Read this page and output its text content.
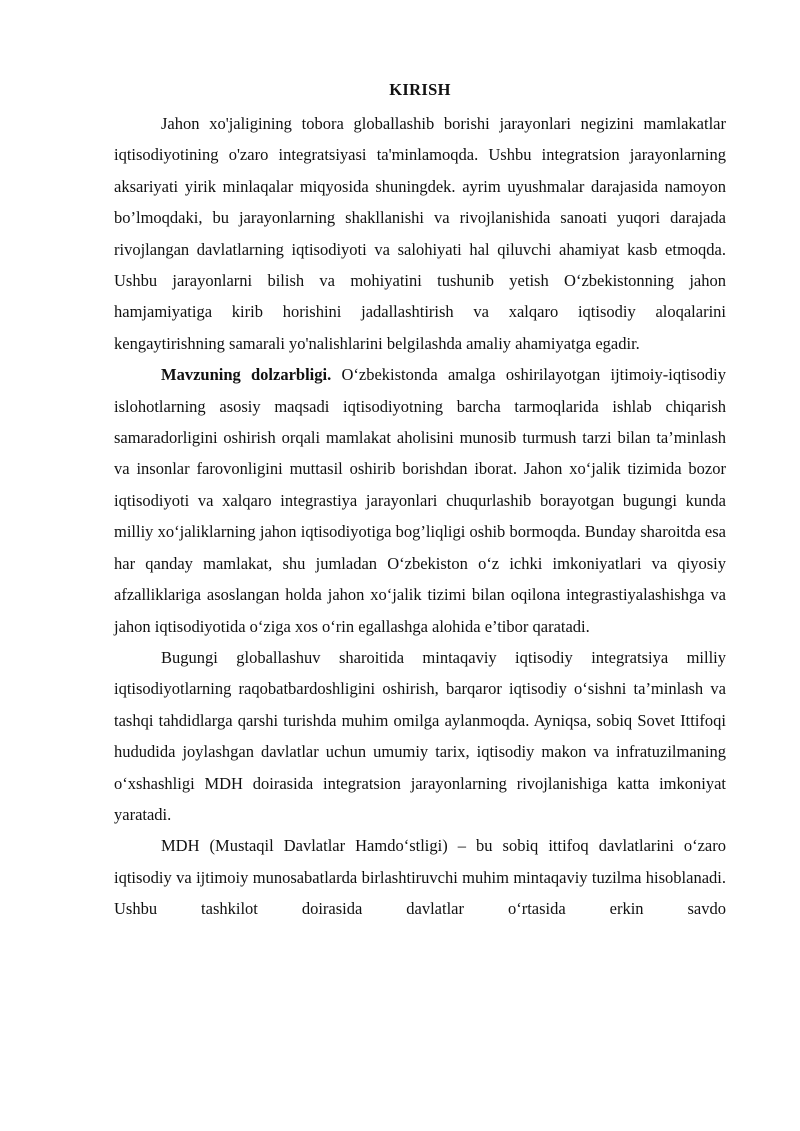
KIRISH

Jahon xo'jaligining tobora globallashib borishi jarayonlari negizini mamlakatlar iqtisodiyotining o'zaro integratsiyasi ta'minlamoqda. Ushbu integratsion jarayonlarning aksariyati yirik minlaqalar miqyosida shuningdek. ayrim uyushmalar darajasida namoyon bo’lmoqdaki, bu jarayonlarning shakllanishi va rivojlanishida sanoati yuqori darajada rivojlangan davlatlarning iqtisodiyoti va salohiyati hal qiluvchi ahamiyat kasb etmoqda. Ushbu jarayonlarni bilish va mohiyatini tushunib yetish O‘zbekistonning jahon hamjamiyatiga kirib horishini jadallashtirish va xalqaro iqtisodiy aloqalarini kengaytirishning samarali yo'nalishlarini belgilashda amaliy ahamiyatga egadir.

Mavzuning dolzarbligi. O‘zbekistonda amalga oshirilayotgan ijtimoiy-iqtisodiy islohotlarning asosiy maqsadi iqtisodiyotning barcha tarmoqlarida ishlab chiqarish samaradorligini oshirish orqali mamlakat aholisini munosib turmush tarzi bilan ta’minlash va insonlar farovonligini muttasil oshirib borishdan iborat. Jahon xo‘jalik tizimida bozor iqtisodiyoti va xalqaro integrastiya jarayonlari chuqurlashib borayotgan bugungi kunda milliy xo‘jaliklarning jahon iqtisodiyotiga bog’liqligi oshib bormoqda. Bunday sharoitda esa har qanday mamlakat, shu jumladan O‘zbekiston o‘z ichki imkoniyatlari va qiyosiy afzalliklariga asoslangan holda jahon xo‘jalik tizimi bilan oqilona integrastiyalashishga va jahon iqtisodiyotida o‘ziga xos o‘rin egallashga alohida e’tibor qaratadi.

Bugungi globallashuv sharoitida mintaqaviy iqtisodiy integratsiya milliy iqtisodiyotlarning raqobatbardoshligini oshirish, barqaror iqtisodiy o‘sishni ta’minlash va tashqi tahdidlarga qarshi turishda muhim omilga aylanmoqda. Ayniqsa, sobiq Sovet Ittifoqi hududida joylashgan davlatlar uchun umumiy tarix, iqtisodiy makon va infratuzilmaning o‘xshashligi MDH doirasida integratsion jarayonlarning rivojlanishiga katta imkoniyat yaratadi.

MDH (Mustaqil Davlatlar Hamdo‘stligi) – bu sobiq ittifoq davlatlarini o‘zaro iqtisodiy va ijtimoiy munosabatlarda birlashtiruvchi muhim mintaqaviy tuzilma hisoblanadi. Ushbu tashkilot doirasida davlatlar o‘rtasida erkin savdo
